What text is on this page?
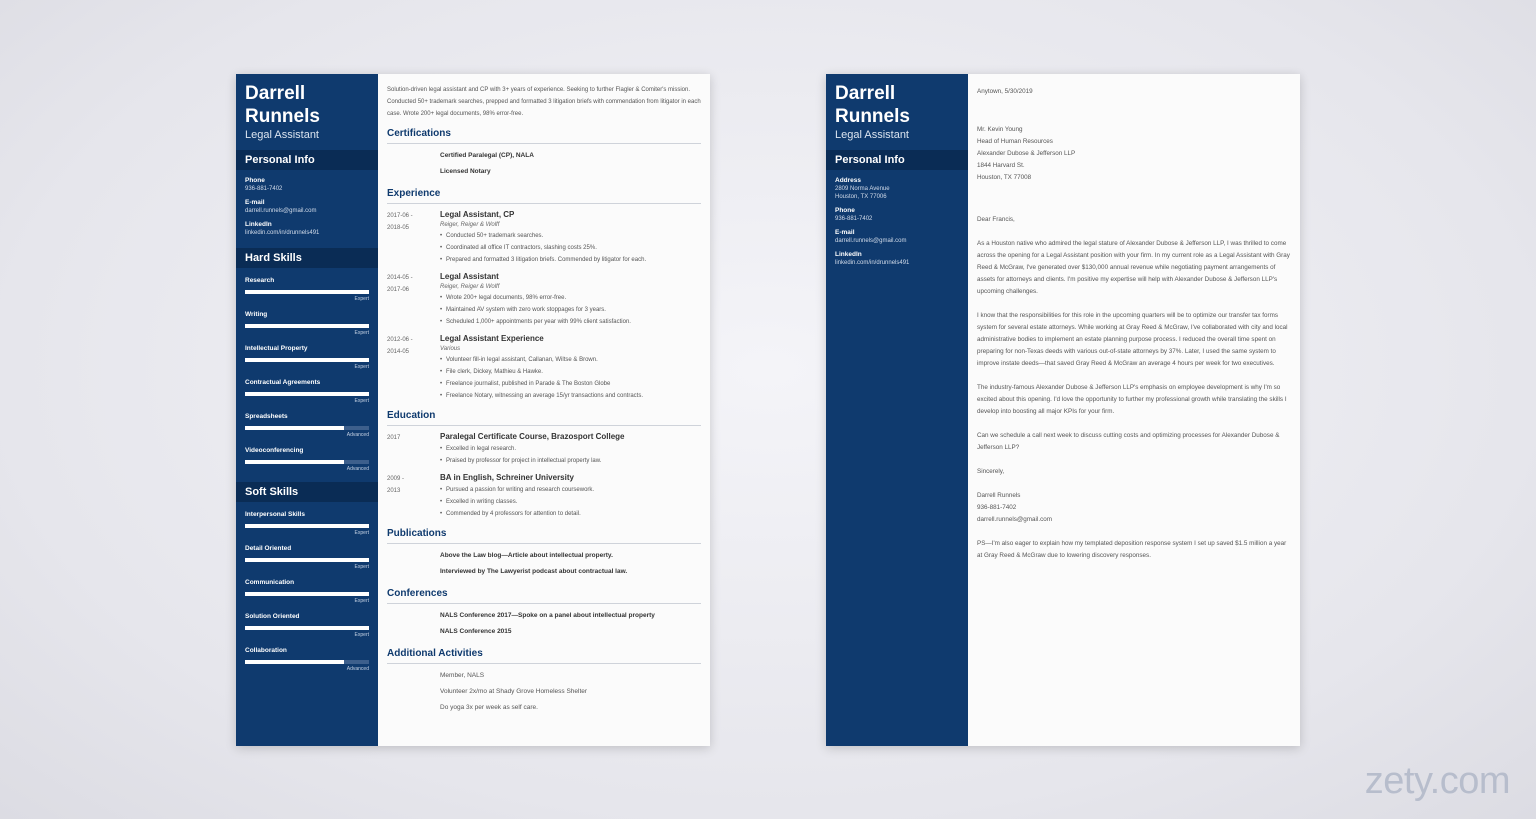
Darrell
Runnels
Legal Assistant
Personal Info
Phone
936-881-7402
E-mail
darrell.runnels@gmail.com
LinkedIn
linkedin.com/in/drunnels491
Hard Skills
Research
Expert
Writing
Expert
Intellectual Property
Expert
Contractual Agreements
Expert
Spreadsheets
Advanced
Videoconferencing
Advanced
Soft Skills
Interpersonal Skills
Expert
Detail Oriented
Expert
Communication
Expert
Solution Oriented
Expert
Collaboration
Advanced

Solution-driven legal assistant and CP with 3+ years of experience. Seeking to further Flagler & Comiter's mission. Conducted 50+ trademark searches, prepped and formatted 3 litigation briefs with commendation from litigator in each case. Wrote 200+ legal documents, 98% error-free.

Certifications
Certified Paralegal (CP), NALA
Licensed Notary
Experience
2017-06 -
2018-05
Legal Assistant, CP
Reiger, Reiger & Wolff
• Conducted 50+ trademark searches.
• Coordinated all office IT contractors, slashing costs 25%.
• Prepared and formatted 3 litigation briefs. Commended by litigator for each.
2014-05 -
2017-06
Legal Assistant
Reiger, Reiger & Wolff
• Wrote 200+ legal documents, 98% error-free.
• Maintained AV system with zero work stoppages for 3 years.
• Scheduled 1,000+ appointments per year with 99% client satisfaction.
2012-06 -
2014-05
Legal Assistant Experience
Various
• Volunteer fill-in legal assistant, Callanan, Wiltse & Brown.
• File clerk, Dickey, Mathieu & Hawke.
• Freelance journalist, published in Parade & The Boston Globe
• Freelance Notary, witnessing an average 15/yr transactions and contracts.
Education
2017	Paralegal Certificate Course, Brazosport College
• Excelled in legal research.
• Praised by professor for project in intellectual property law.
2009 -
2013
BA in English, Schreiner University
• Pursued a passion for writing and research coursework.
• Excelled in writing classes.
• Commended by 4 professors for attention to detail.
Publications
Above the Law blog—Article about intellectual property.
Interviewed by The Lawyerist podcast about contractual law.
Conferences
NALS Conference 2017—Spoke on a panel about intellectual property
NALS Conference 2015
Additional Activities
Member, NALS
Volunteer 2x/mo at Shady Grove Homeless Shelter
Do yoga 3x per week as self care.
Darrell
Runnels
Legal Assistant
Personal Info
Address
2809 Norma Avenue
Houston, TX 77006
Phone
936-881-7402
E-mail
darrell.runnels@gmail.com
LinkedIn
linkedin.com/in/drunnels491

Anytown, 5/30/2019

Mr. Kevin Young
Head of Human Resources
Alexander Dubose & Jefferson LLP
1844 Harvard St.
Houston, TX 77008

Dear Francis,

As a Houston native who admired the legal stature of Alexander Dubose & Jefferson LLP, I was thrilled to come across the opening for a Legal Assistant position with your firm. In my current role as a Legal Assistant with Gray Reed & McGraw, I've generated over $130,000 annual revenue while negotiating payment arrangements of assets for attorneys and clients. I'm positive my expertise will help with Alexander Dubose & Jefferson LLP's upcoming challenges.

I know that the responsibilities for this role in the upcoming quarters will be to optimize our transfer tax forms system for several estate attorneys. While working at Gray Reed & McGraw, I've collaborated with city and local administrative bodies to implement an estate planning purpose process. I reduced the overall time spent on preparing for non-Texas deeds with various out-of-state attorneys by 37%. Later, I used the same system to improve instate deeds—that saved Gray Reed & McGraw an average 4 hours per week for two executives.

The industry-famous Alexander Dubose & Jefferson LLP's emphasis on employee development is why I'm so excited about this opening. I'd love the opportunity to further my professional growth while translating the skills I develop into boosting all major KPIs for your firm.

Can we schedule a call next week to discuss cutting costs and optimizing processes for Alexander Dubose & Jefferson LLP?

Sincerely,

Darrell Runnels
936-881-7402
darrell.runnels@gmail.com

PS—I'm also eager to explain how my templated deposition response system I set up saved $1.5 million a year at Gray Reed & McGraw due to lowering discovery responses.

zety.com
